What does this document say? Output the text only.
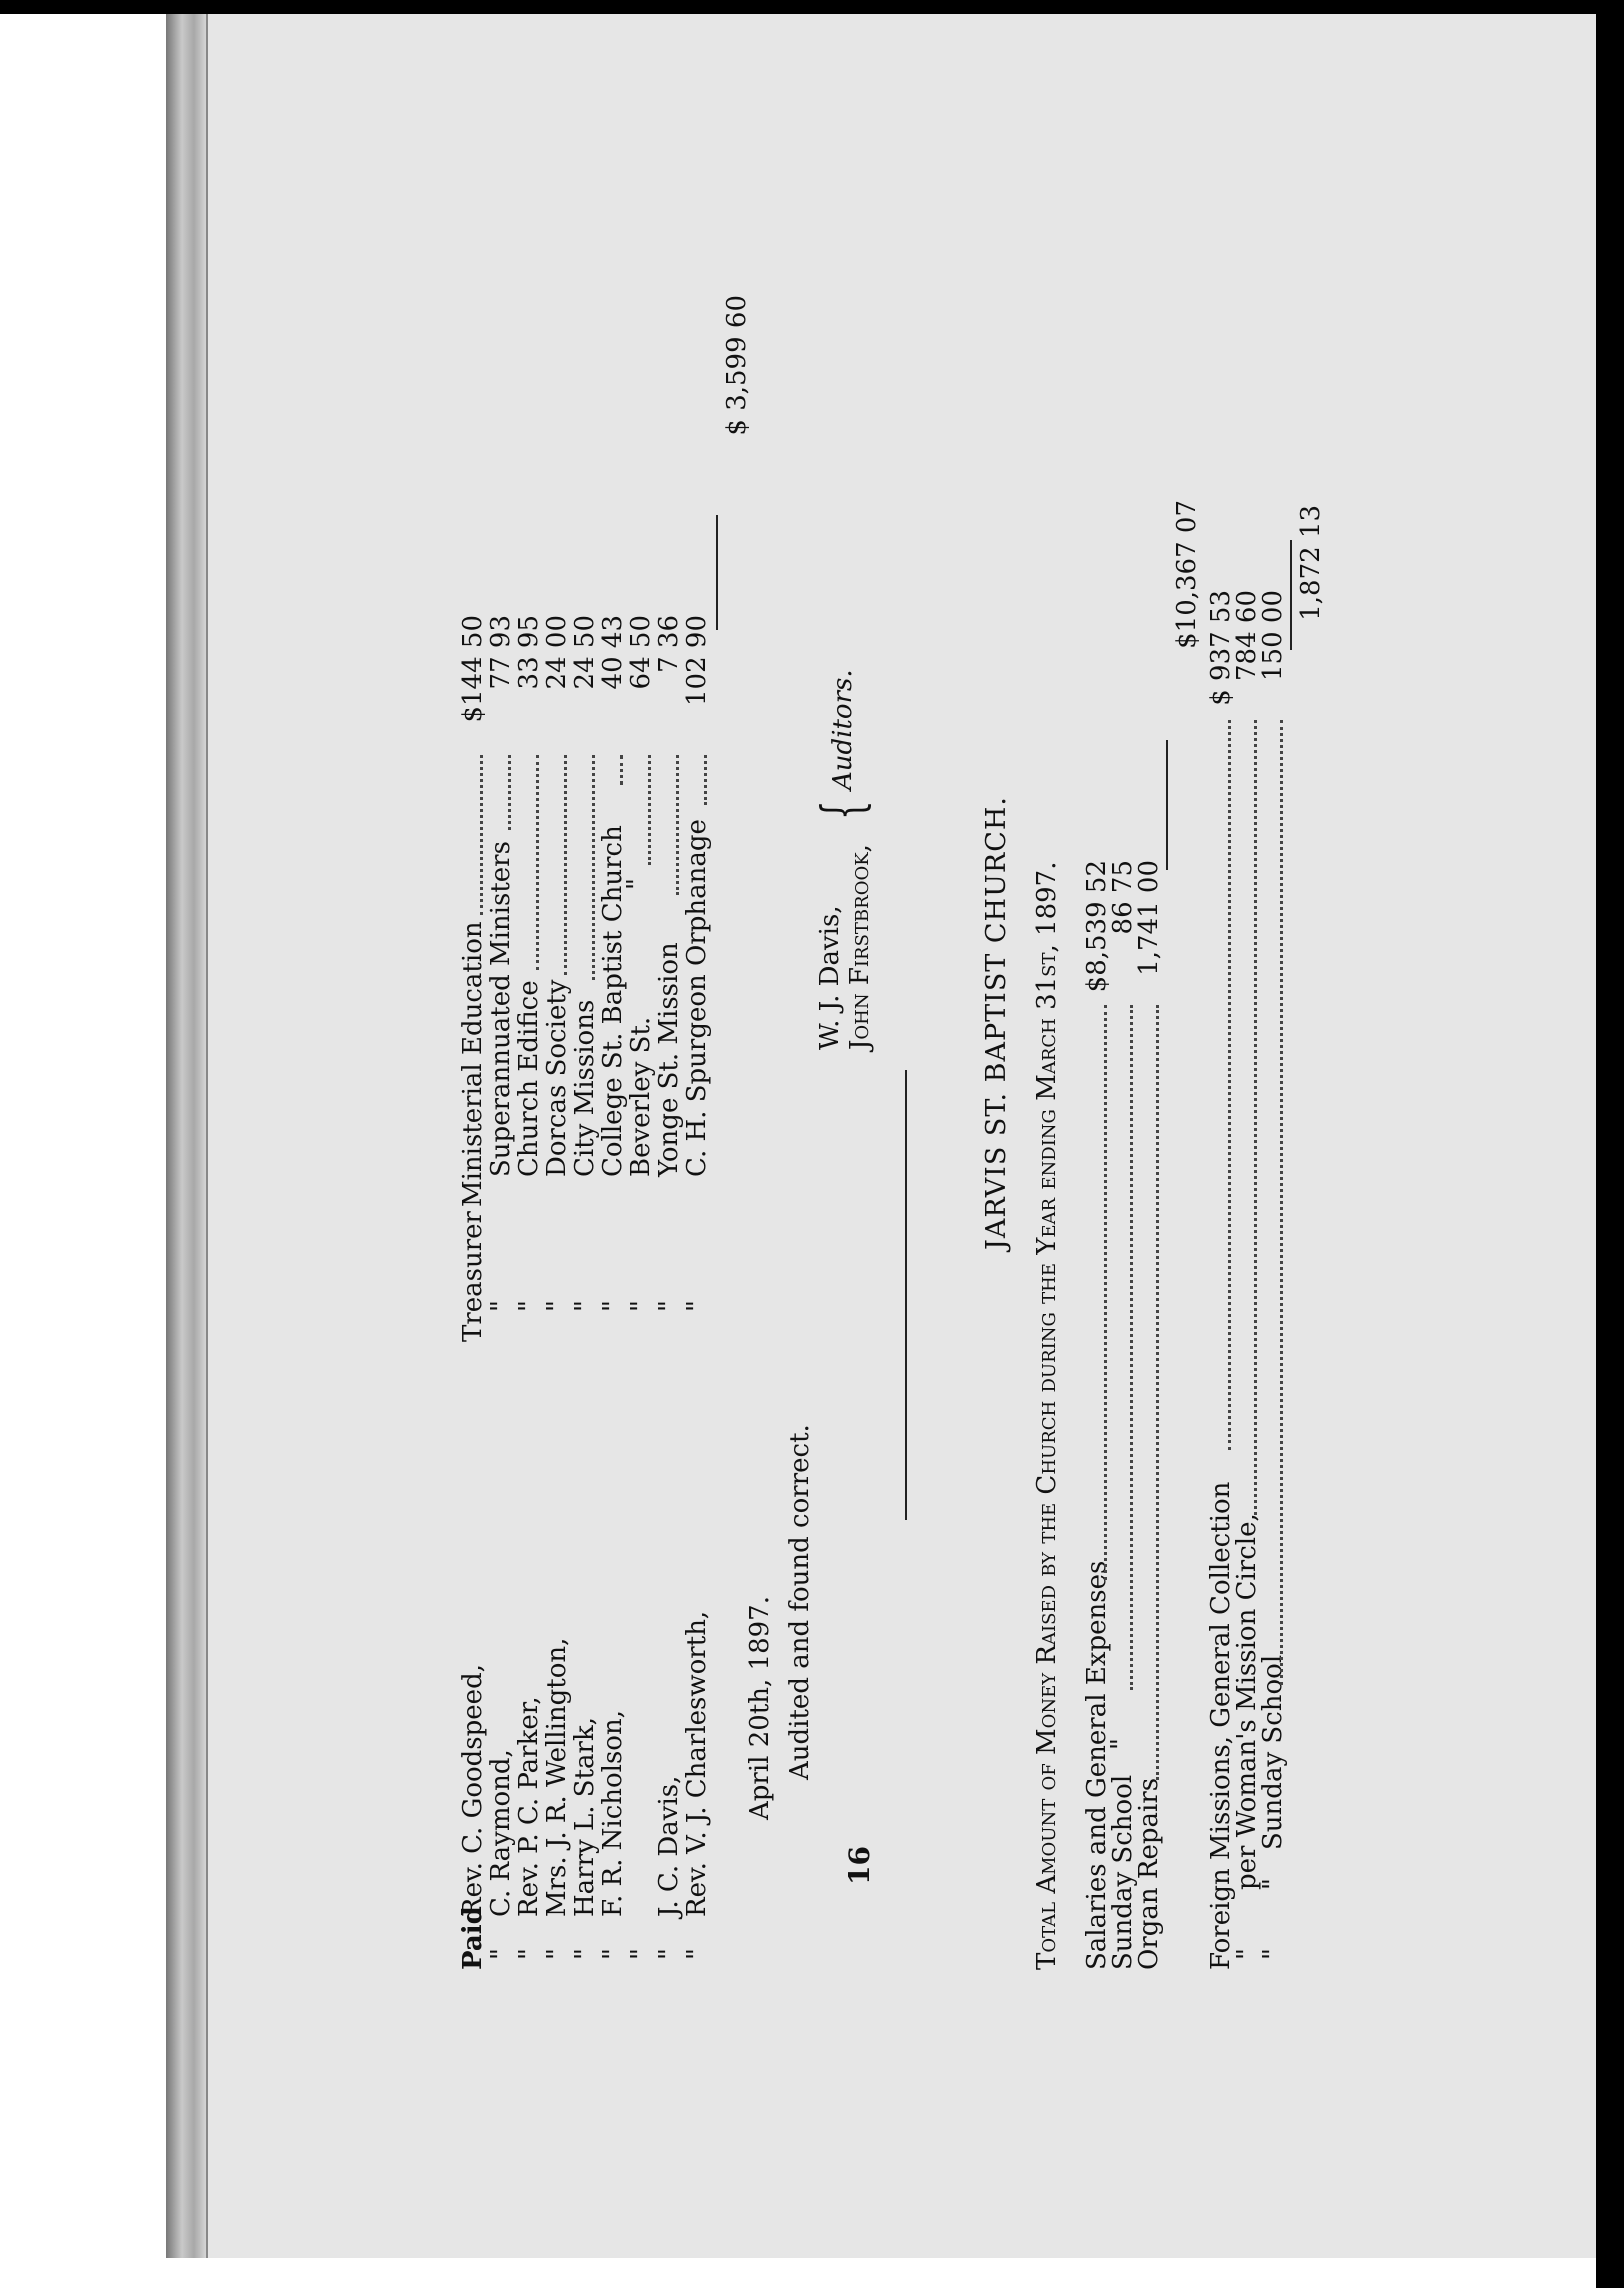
Paid
Rev. C. Goodspeed,
C. Raymond,
Rev. P. C. Parker,
Mrs. J. R. Wellington,
Harry L. Stark,
F. R. Nicholson, J. C. Davis,
Rev. V. J. Charlesworth,
"
"
"
"
"
"
"
"
Treasurer
"
"
"
"
"
"
"
"
Ministerial Education
Superannuated Ministers
Church Edifice
Dorcas Society
City Missions
College St. Baptist Church
Beverley St.
"
Yonge St. Mission
C. H. Spurgeon Orphanage
$144 50
77 93
33 95
24 00
24 50
40 43
64 50
7 36
102 90
$ 3,599 60
16
April 20th, 1897. Audited and found correct.
W. J. Davis, John Firstbrook,
{
Auditors.
JARVIS ST. BAPTIST CHURCH. Total Amount of Money Raised by the Church during the Year ending March 31st, 1897. Salaries and General Expenses
Sunday School
"
Organ Repairs
$8,539 52
86 75
1,741 00
$10,367 07
Foreign Missions, General Collection
"
per Woman's Mission Circle,
"
"
Sunday School
$ 937 53
784 60
150 00
1,872 13
